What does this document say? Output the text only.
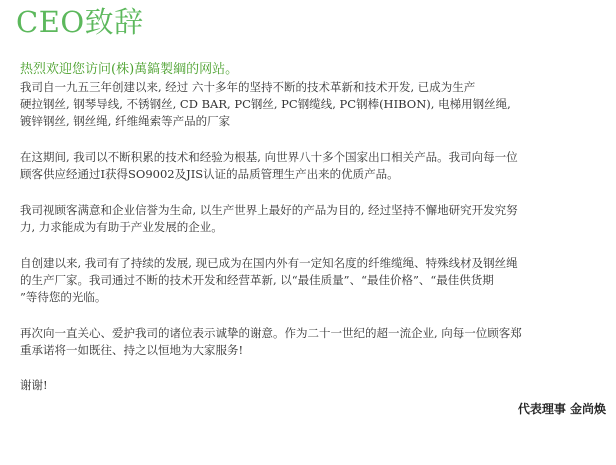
CEO致辞
热烈欢迎您访问(株)萬鎬製綱的网站。

我司自一九五三年创建以来, 经过 六十多年的坚持不断的技术革新和技术开发, 已成为生产
硬拉钢丝, 钢琴导线, 不锈钢丝, CD BAR, PC钢丝, PC钢缆线, PC钢棒(HIBON), 电梯用钢丝绳,
镀锌钢丝, 钢丝绳, 纤维绳索等产品的厂家

在这期间, 我司以不断积累的技术和经验为根基, 向世界八十多个国家出口相关产品。我司向每一位
顾客供应经通过I获得SO9002及JIS认证的品质管理生产出来的优质产品。

我司视顾客满意和企业信誉为生命, 以生产世界上最好的产品为目的, 经过坚持不懈地研究开发究努
力, 力求能成为有助于产业发展的企业。

自创建以来, 我司有了持续的发展, 现已成为在国内外有一定知名度的纤维缆绳、特殊线材及钢丝绳
的生产厂家。我司通过不断的技术开发和经营革新, 以“最佳质量”、“最佳价格”、“最佳供货期
”等待您的光临。

再次向一直关心、爱护我司的诸位表示诚挚的谢意。作为二十一世纪的超一流企业, 向每一位顾客郑
重承诺将一如既往、持之以恒地为大家服务!

谢谢!
代表理事 金尚焕
